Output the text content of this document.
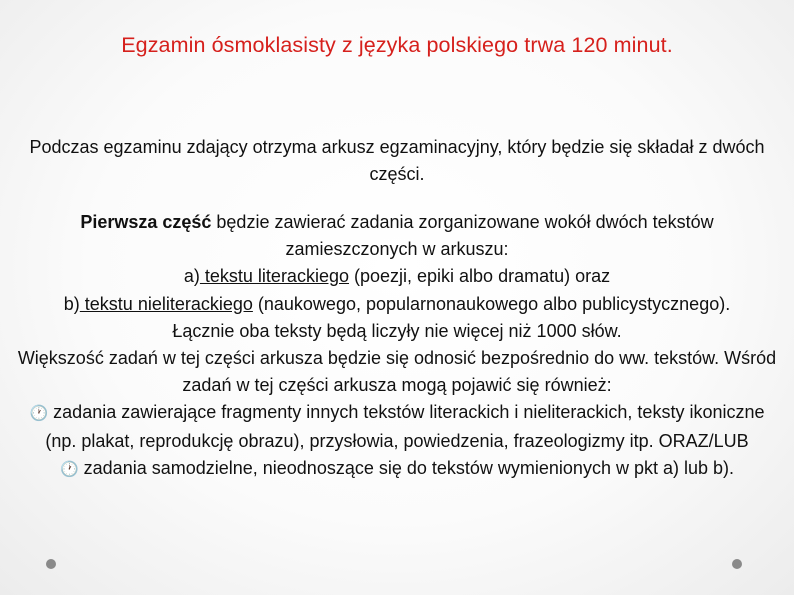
Egzamin ósmoklasisty z języka polskiego trwa 120 minut.
Podczas egzaminu zdający otrzyma arkusz egzaminacyjny, który będzie się składał z dwóch części.

Pierwsza część będzie zawierać zadania zorganizowane wokół dwóch tekstów zamieszczonych w arkuszu:

a) tekstu literackiego (poezji, epiki albo dramatu) oraz

b) tekstu nieliterackiego (naukowego, popularnonaukowego albo publicystycznego).

Łącznie oba teksty będą liczyły nie więcej niż 1000 słów.

Większość zadań w tej części arkusza będzie się odnosić bezpośrednio do ww. tekstów. Wśród zadań w tej części arkusza mogą pojawić się również:

🕐 zadania zawierające fragmenty innych tekstów literackich i nieliterackich, teksty ikoniczne (np. plakat, reprodukcję obrazu), przysłowia, powiedzenia, frazeologizmy itp. ORAZ/LUB

🕐 zadania samodzielne, nieodnoszące się do tekstów wymienionych w pkt a) lub b).
